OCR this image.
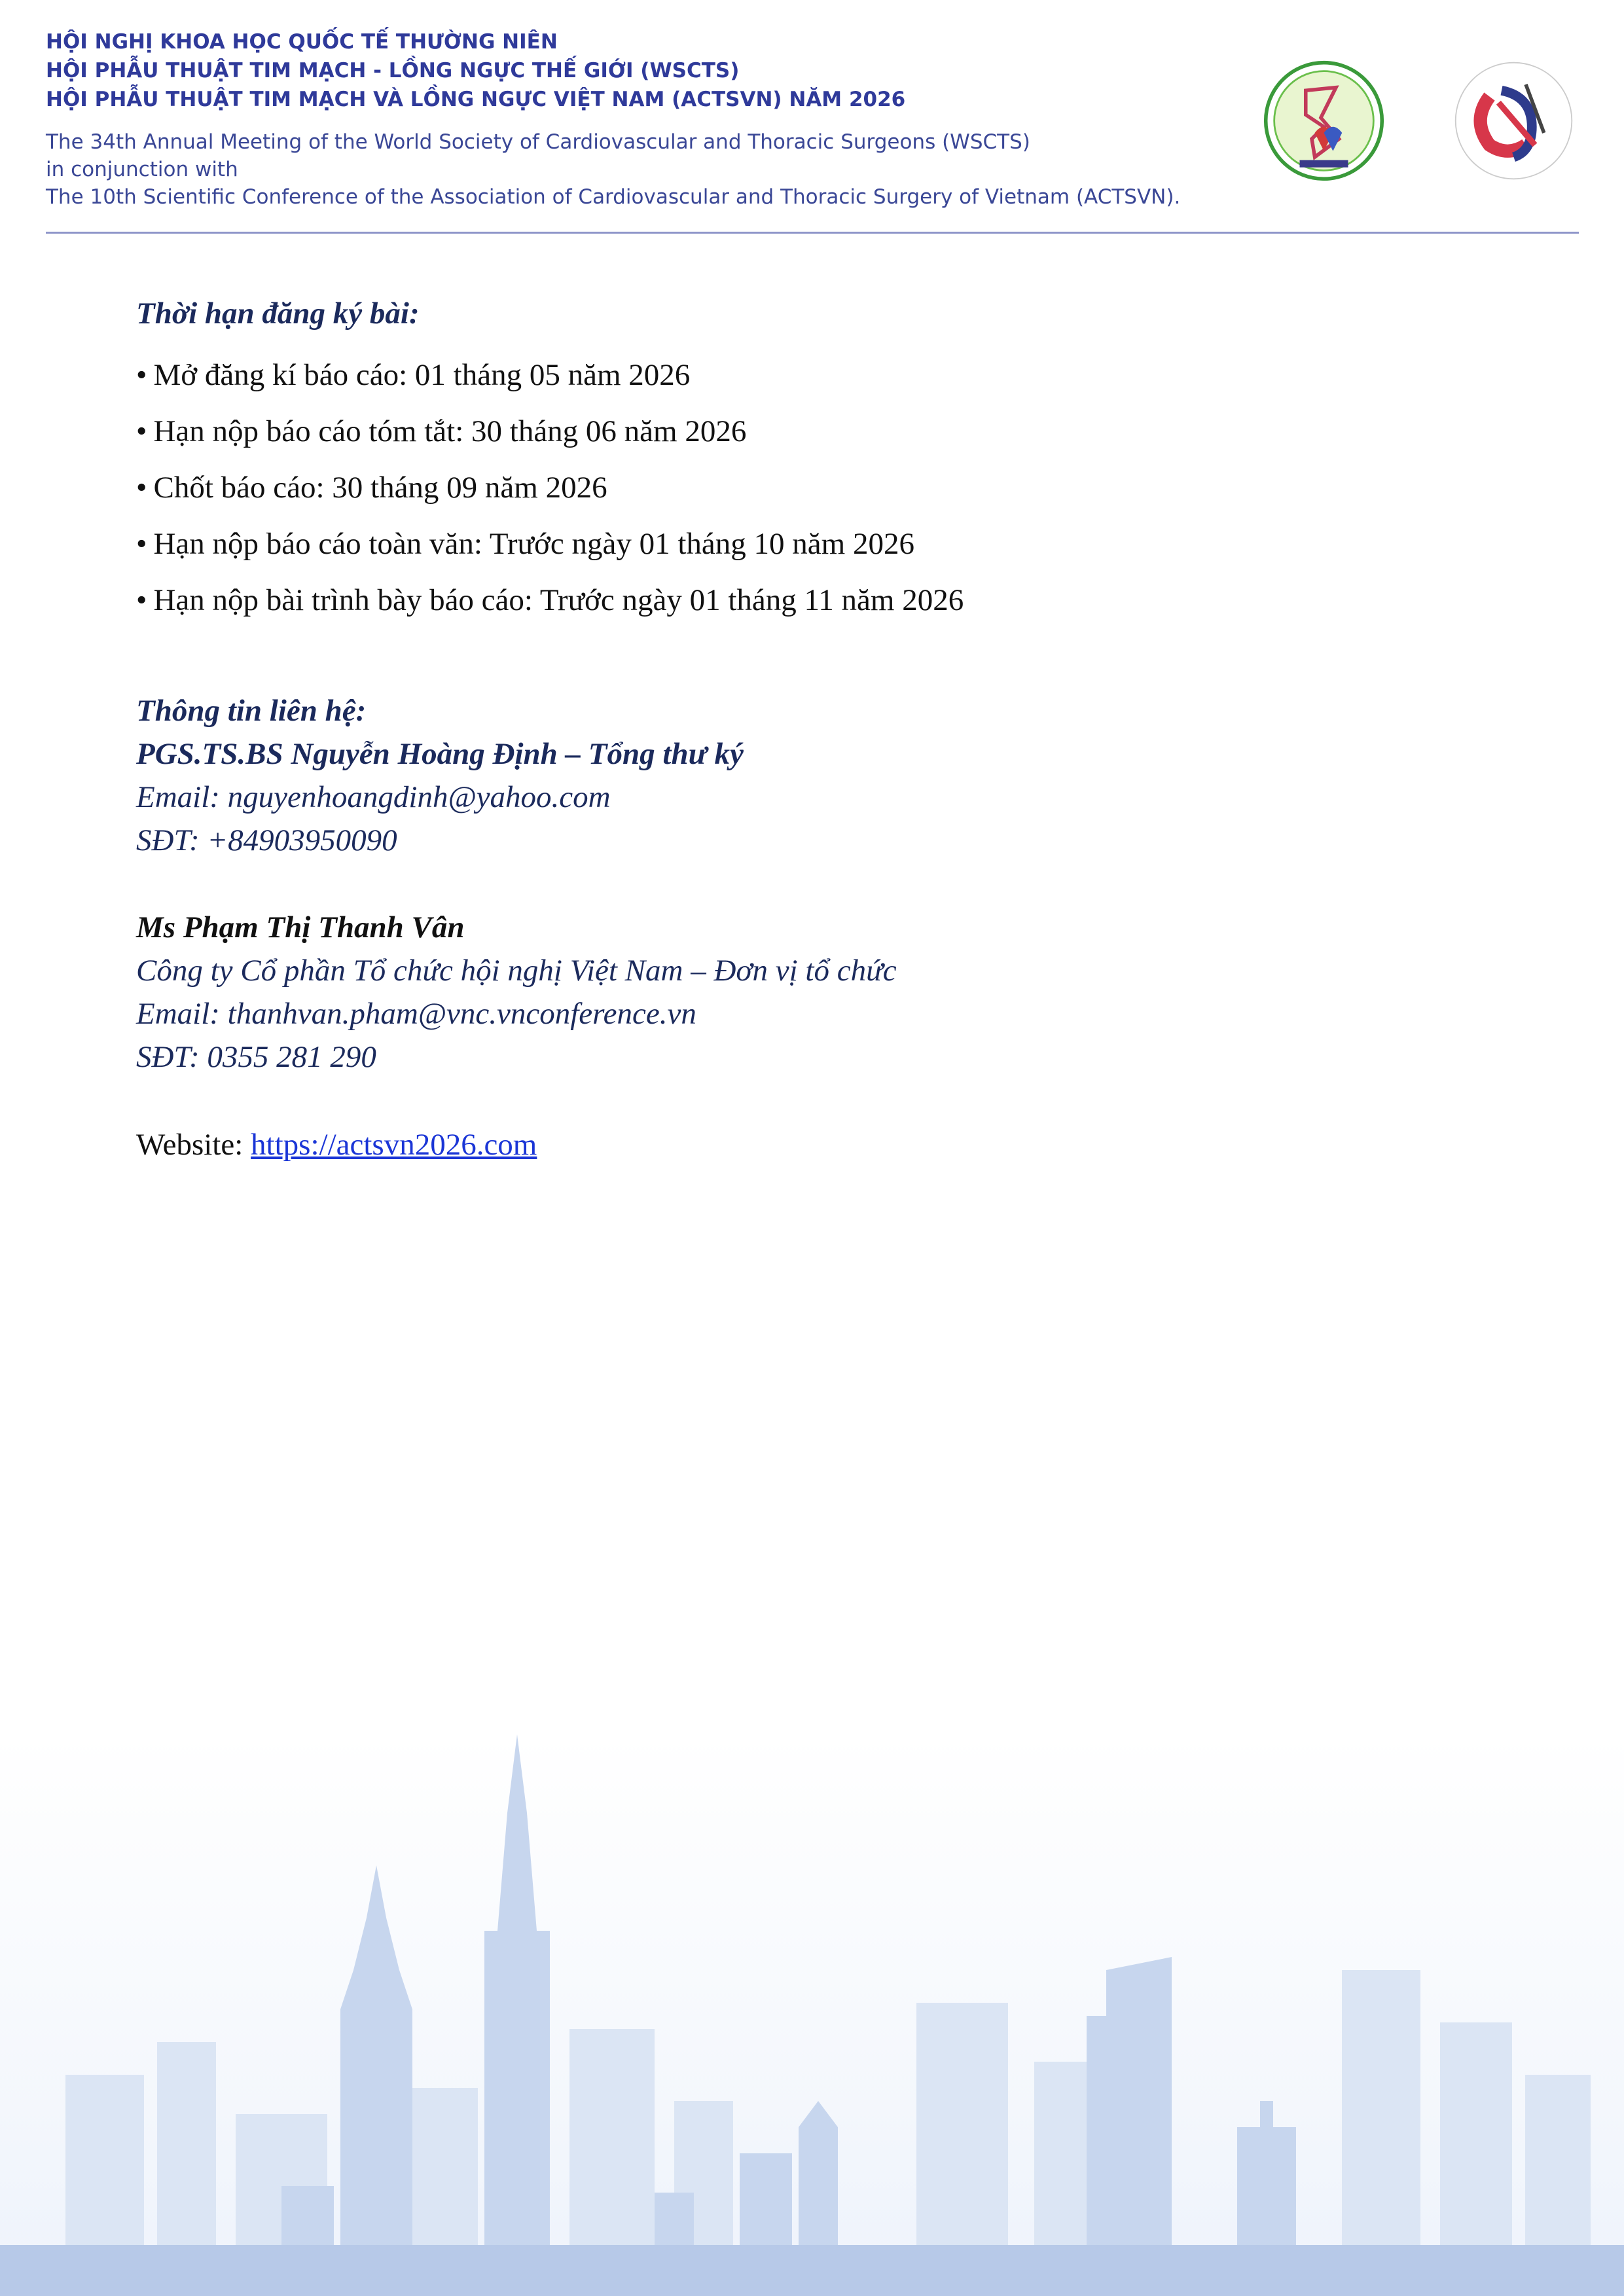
HỘI NGHỊ KHOA HỌC QUỐC TẾ THƯỜNG NIÊN
HỘI PHẪU THUẬT TIM MẠCH - LỒNG NGỰC THẾ GIỚI (WSCTS)
HỘI PHẪU THUẬT TIM MẠCH VÀ LỒNG NGỰC VIỆT NAM (ACTSVN) NĂM 2026
The 34th Annual Meeting of the World Society of Cardiovascular and Thoracic Surgeons (WSCTS)
in conjunction with
The 10th Scientific Conference of the Association of Cardiovascular and Thoracic Surgery of Vietnam (ACTSVN).

Thời hạn đăng ký bài:

• Mở đăng kí báo cáo: 01 tháng 05 năm 2026
• Hạn nộp báo cáo tóm tắt: 30 tháng 06 năm 2026
• Chốt báo cáo: 30 tháng 09 năm 2026
• Hạn nộp báo cáo toàn văn: Trước ngày 01 tháng 10 năm 2026
• Hạn nộp bài trình bày báo cáo: Trước ngày 01 tháng 11 năm 2026
Thông tin liên hệ:
PGS.TS.BS Nguyễn Hoàng Định – Tổng thư ký
Email: nguyenhoangdinh@yahoo.com
SĐT: +84903950090
Ms Phạm Thị Thanh Vân
Công ty Cổ phần Tổ chức hội nghị Việt Nam – Đơn vị tổ chức
Email: thanhvan.pham@vnc.vnconference.vn
SĐT: 0355 281 290
Website: https://actsvn2026.com
